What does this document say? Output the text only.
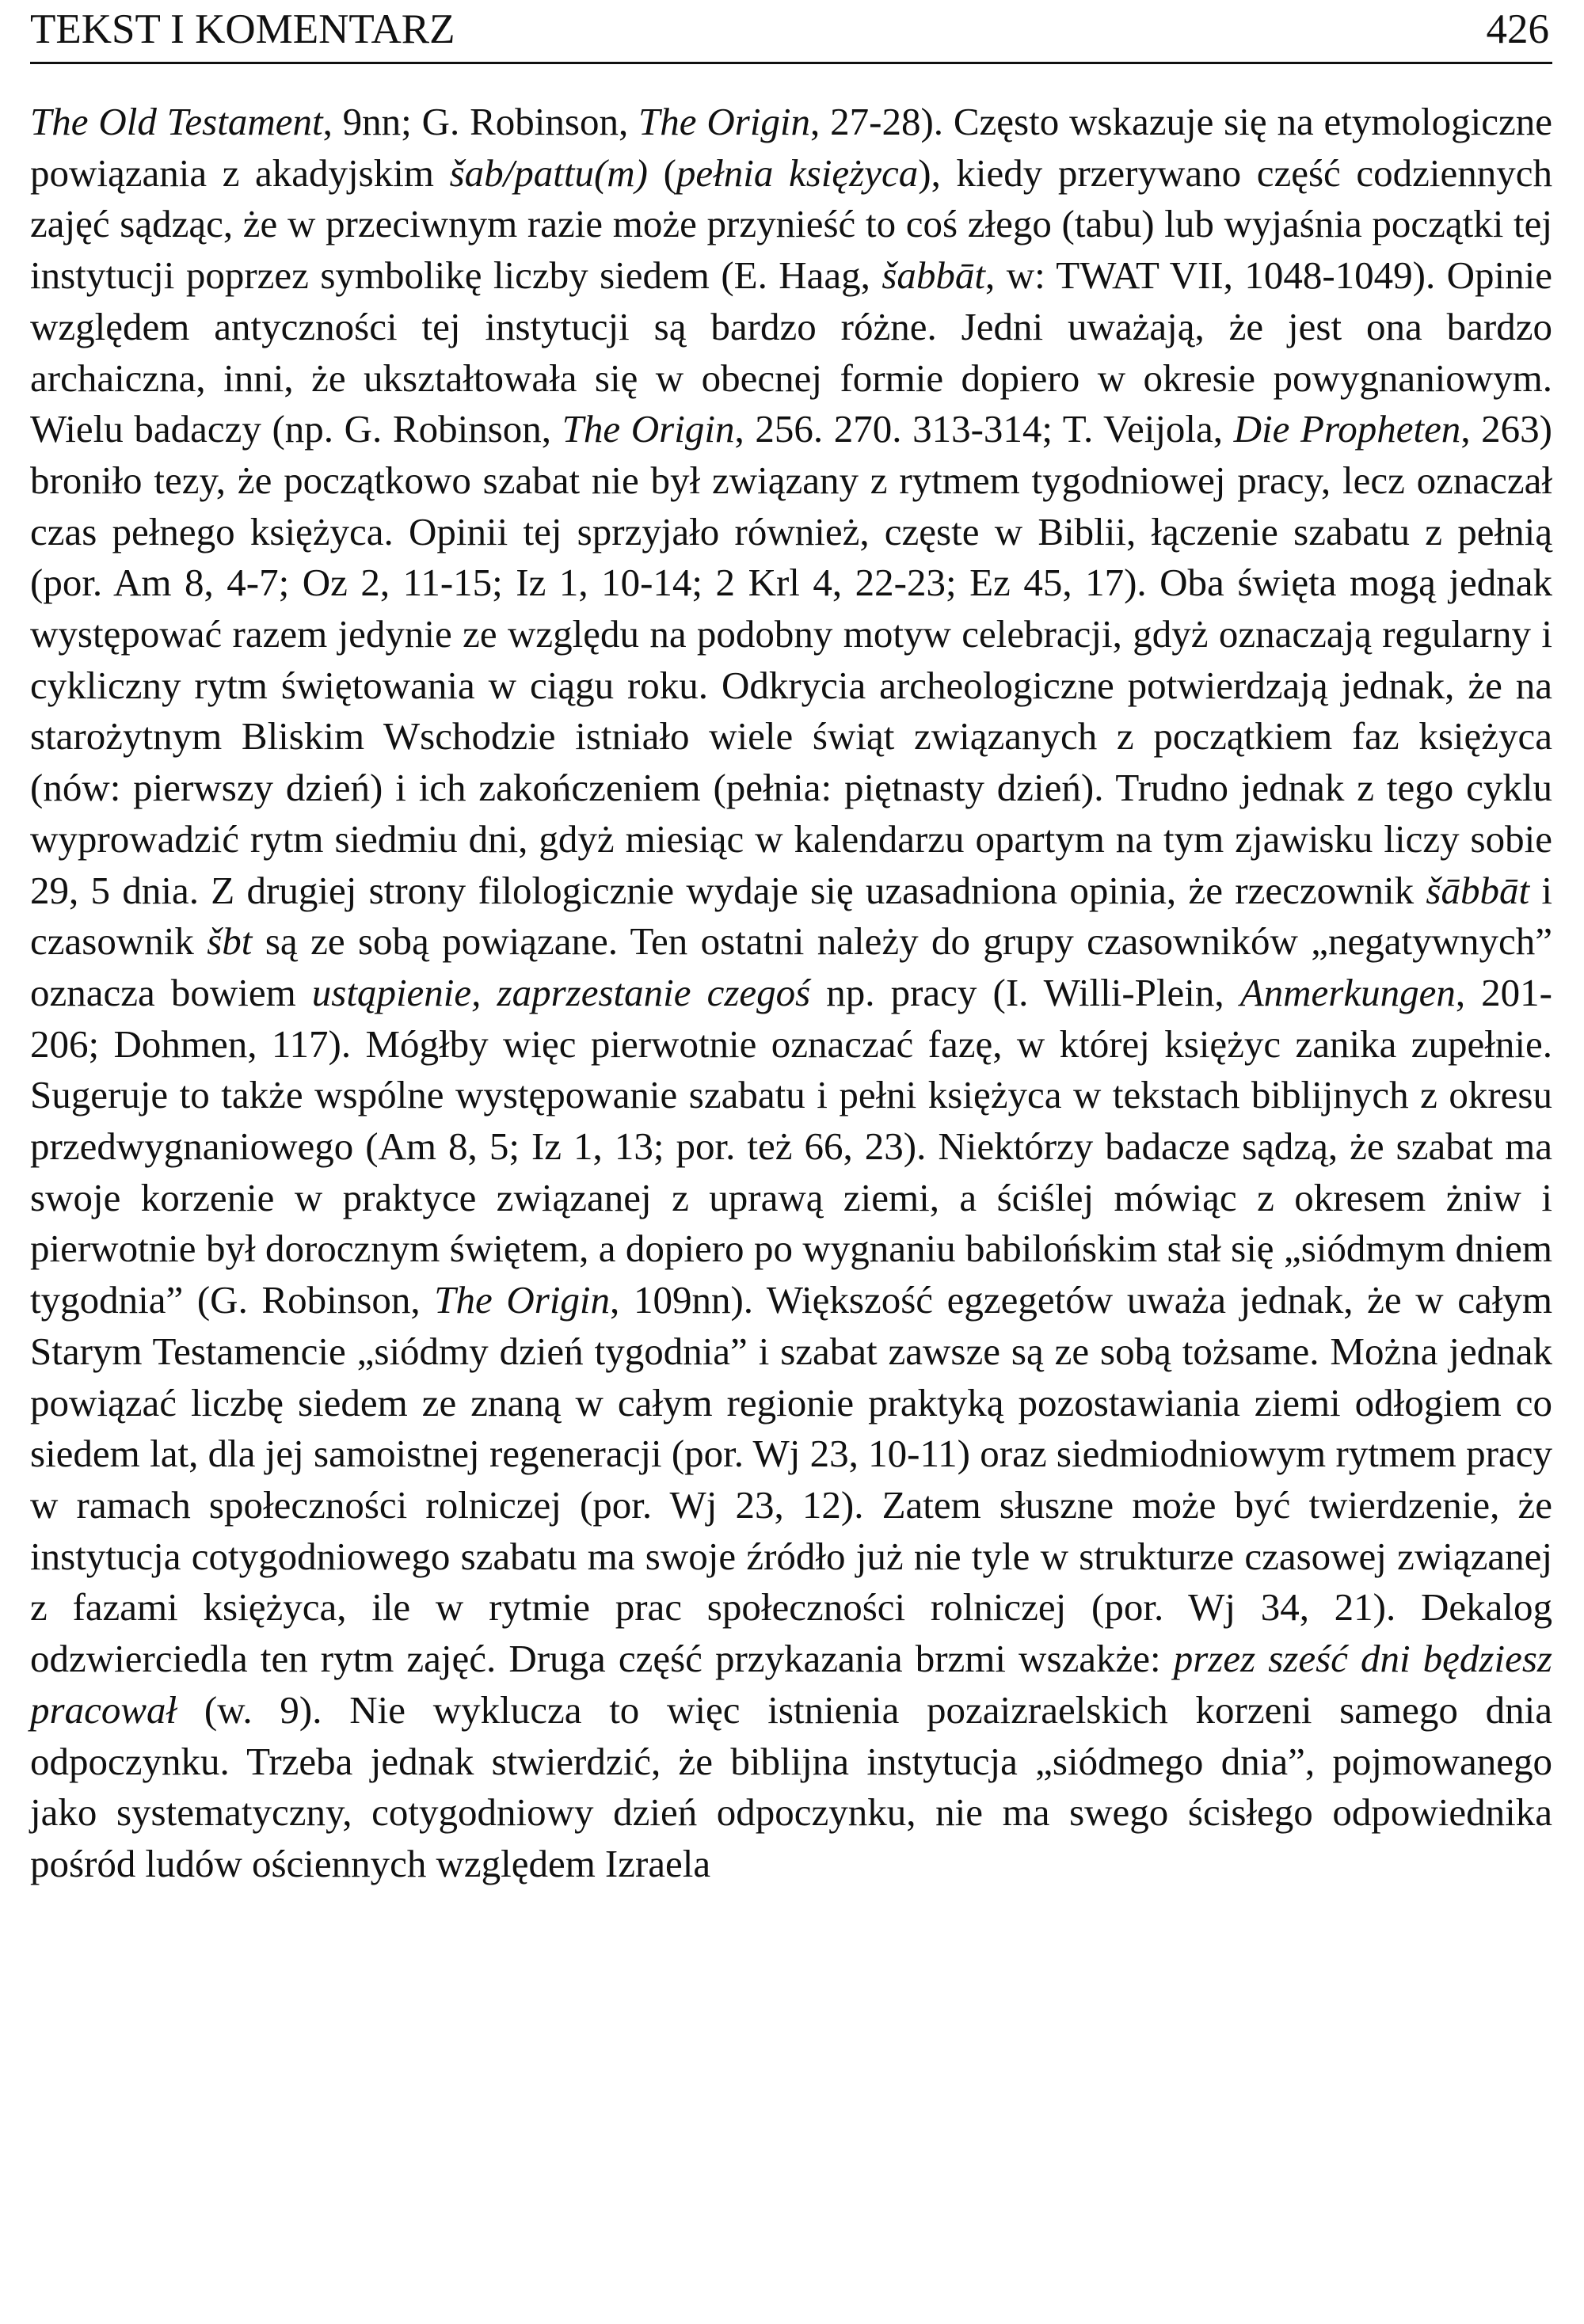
TEKST I KOMENTARZ	426

The Old Testament, 9nn; G. Robinson, The Origin, 27-28). Często wskazuje się na etymologiczne powiązania z akadyjskim šab/pattu(m) (pełnia księżyca), kiedy przerywano część codziennych zajęć sądząc, że w przeciwnym razie może przynieść to coś złego (tabu) lub wyjaśnia początki tej instytucji poprzez symbolikę liczby siedem (E. Haag, šabbāt, w: TWAT VII, 1048-1049). Opinie względem antyczności tej instytucji są bardzo różne. Jedni uważają, że jest ona bardzo archaiczna, inni, że ukształtowała się w obecnej formie dopiero w okresie powygnaniowym. Wielu badaczy (np. G. Robinson, The Origin, 256. 270. 313-314; T. Veijola, Die Propheten, 263) broniło tezy, że początkowo szabat nie był związany z rytmem tygodniowej pracy, lecz oznaczał czas pełnego księżyca. Opinii tej sprzyjało również, częste w Biblii, łączenie szabatu z pełnią (por. Am 8, 4-7; Oz 2, 11-15; Iz 1, 10-14; 2 Krl 4, 22-23; Ez 45, 17). Oba święta mogą jednak występować razem jedynie ze względu na podobny motyw celebracji, gdyż oznaczają regularny i cykliczny rytm świętowania w ciągu roku. Odkrycia archeologiczne potwierdzają jednak, że na starożytnym Bliskim Wschodzie istniało wiele świąt związanych z początkiem faz księżyca (nów: pierwszy dzień) i ich zakończeniem (pełnia: piętnasty dzień). Trudno jednak z tego cyklu wyprowadzić rytm siedmiu dni, gdyż miesiąc w kalendarzu opartym na tym zjawisku liczy sobie 29, 5 dnia. Z drugiej strony filologicznie wydaje się uzasadniona opinia, że rzeczownik šābbāt i czasownik šbt są ze sobą powiązane. Ten ostatni należy do grupy czasowników „negatywnych” oznacza bowiem ustąpienie, zaprzestanie czegoś np. pracy (I. Willi-Plein, Anmerkungen, 201-206; Dohmen, 117). Mógłby więc pierwotnie oznaczać fazę, w której księżyc zanika zupełnie. Sugeruje to także wspólne występowanie szabatu i pełni księżyca w tekstach biblijnych z okresu przedwygnaniowego (Am 8, 5; Iz 1, 13; por. też 66, 23). Niektórzy badacze sądzą, że szabat ma swoje korzenie w praktyce związanej z uprawą ziemi, a ściślej mówiąc z okresem żniw i pierwotnie był dorocznym świętem, a dopiero po wygnaniu babilońskim stał się „siódmym dniem tygodnia” (G. Robinson, The Origin, 109nn). Większość egzegetów uważa jednak, że w całym Starym Testamencie „siódmy dzień tygodnia” i szabat zawsze są ze sobą tożsame. Można jednak powiązać liczbę siedem ze znaną w całym regionie praktyką pozostawiania ziemi odłogiem co siedem lat, dla jej samoistnej regeneracji (por. Wj 23, 10-11) oraz siedmiodniowym rytmem pracy w ramach społeczności rolniczej (por. Wj 23, 12). Zatem słuszne może być twierdzenie, że instytucja cotygodniowego szabatu ma swoje źródło już nie tyle w strukturze czasowej związanej z fazami księżyca, ile w rytmie prac społeczności rolniczej (por. Wj 34, 21). Dekalog odzwierciedla ten rytm zajęć. Druga część przykazania brzmi wszakże: przez sześć dni będziesz pracował (w. 9). Nie wyklucza to więc istnienia pozaizraelskich korzeni samego dnia odpoczynku. Trzeba jednak stwierdzić, że biblijna instytucja „siódmego dnia”, pojmowanego jako systematyczny, cotygodniowy dzień odpoczynku, nie ma swego ścisłego odpowiednika pośród ludów ościennych względem Izraela
